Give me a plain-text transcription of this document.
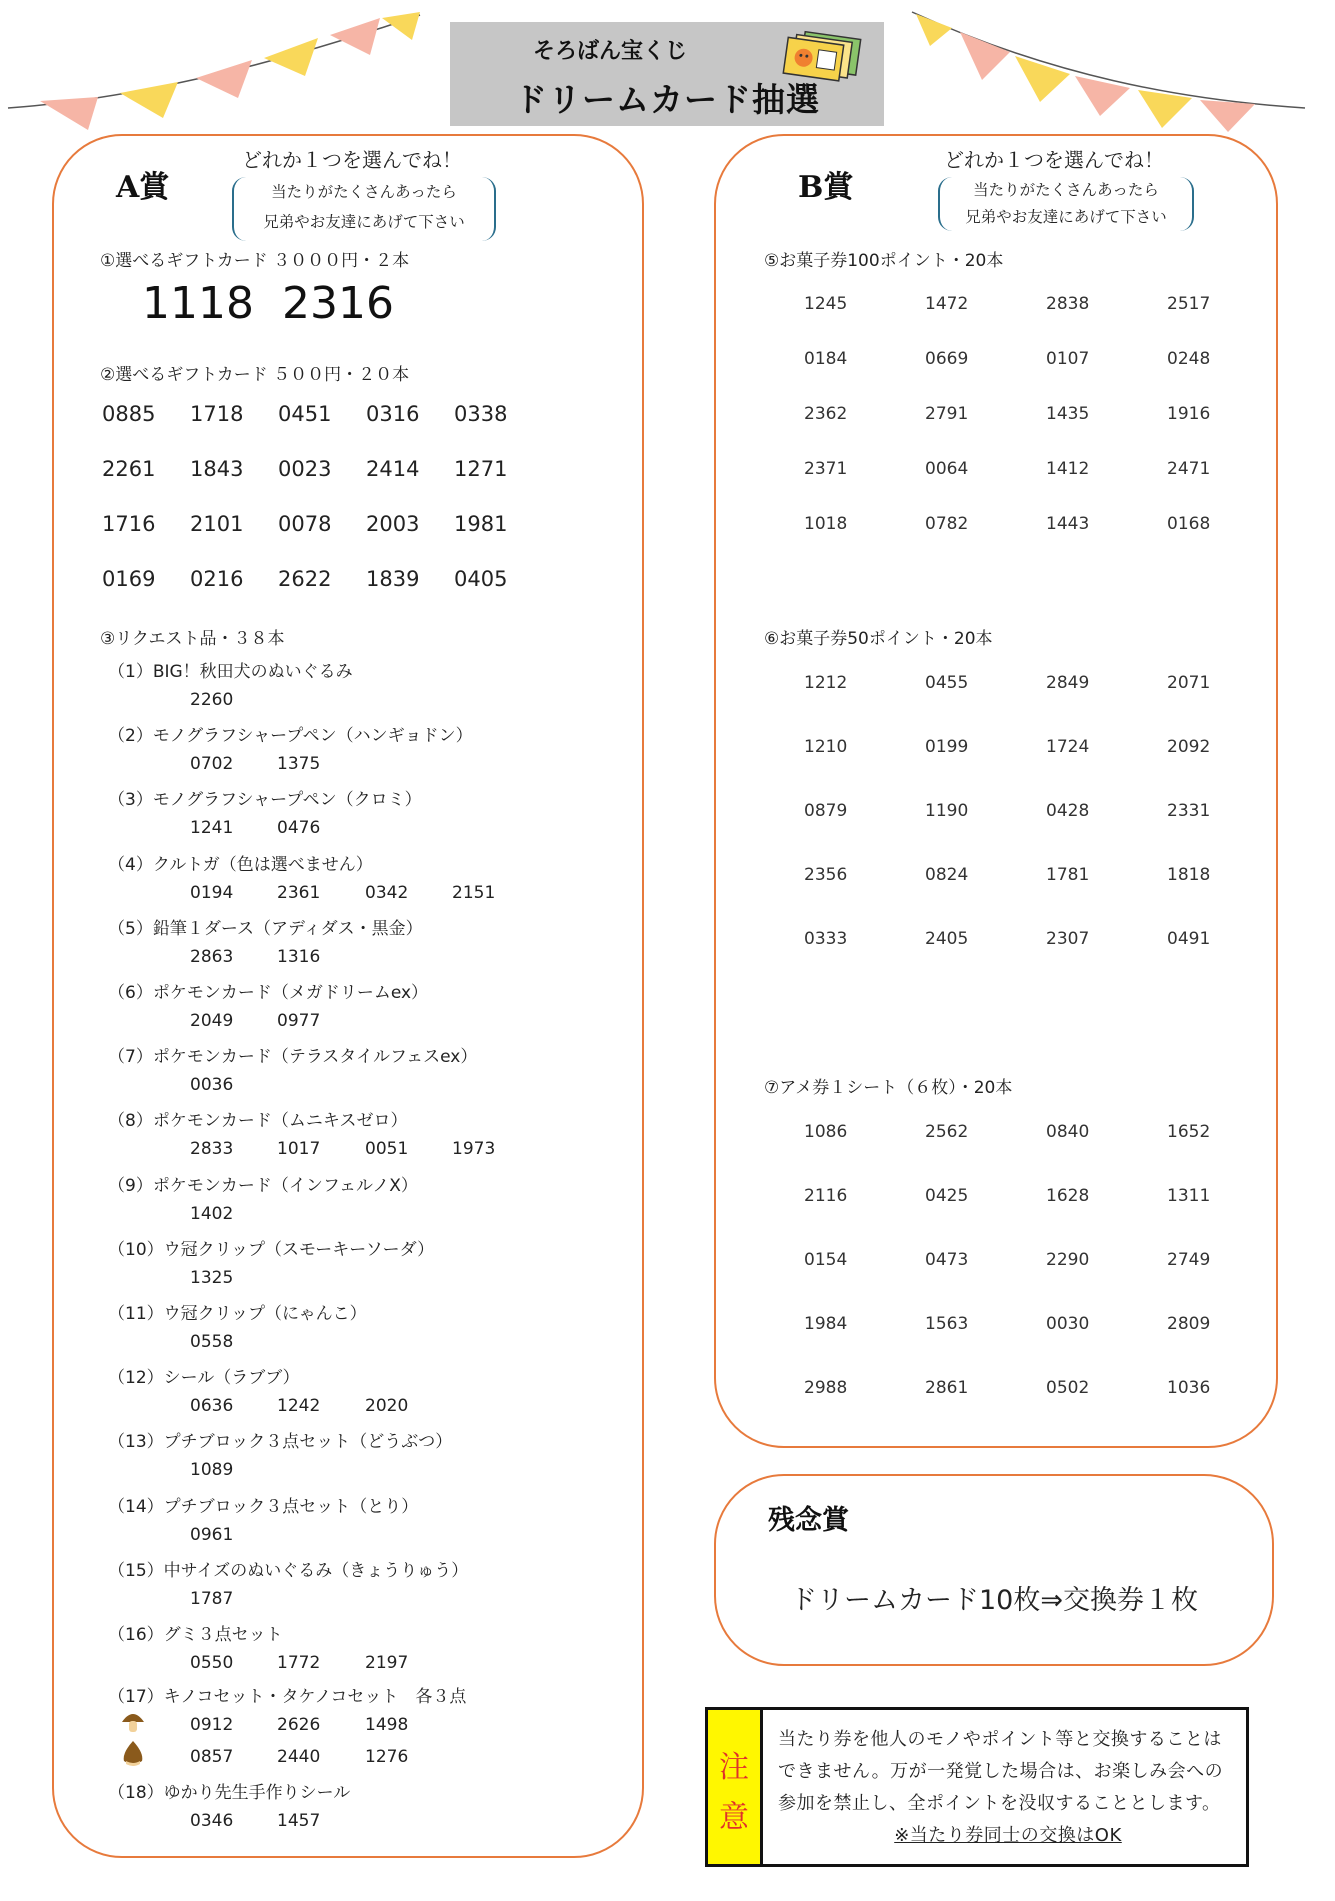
そろばん宝くじ
ドリームカード抽選
A賞
どれか１つを選んでね！
当たりがたくさんあったら
兄弟やお友達にあげて下さい
①選べるギフトカード ３０００円・２本
1118 2316
②選べるギフトカード ５００円・２０本
0885 1718 0451 0316 0338
2261 1843 0023 2414 1271
1716 2101 0078 2003 1981
0169 0216 2622 1839 0405
③リクエスト品・３８本
（1）BIG！秋田犬のぬいぐるみ
2260
（2）モノグラフシャープペン（ハンギョドン）
0702	1375
（3）モノグラフシャープペン（クロミ）
1241	0476
（4）クルトガ（色は選べません）
0194	2361	0342	2151
（5）鉛筆１ダース（アディダス・黒金）
2863	1316
（6）ポケモンカード（メガドリームex）
2049	0977
（7）ポケモンカード（テラスタイルフェスex）
0036
（8）ポケモンカード（ムニキスゼロ）
2833	1017	0051	1973
（9）ポケモンカード（インフェルノX）
1402
（10）ウ冠クリップ（スモーキーソーダ）
1325
（11）ウ冠クリップ（にゃんこ）
0558
（12）シール（ラブブ）
0636	1242	2020
（13）プチブロック３点セット（どうぶつ）
1089
（14）プチブロック３点セット（とり）
0961
（15）中サイズのぬいぐるみ（きょうりゅう）
1787
（16）グミ３点セット
0550	1772	2197
（17）キノコセット・タケノコセット　各３点
0912	2626	1498
0857	2440	1276
（18）ゆかり先生手作りシール
0346	1457
B賞
どれか１つを選んでね！
当たりがたくさんあったら
兄弟やお友達にあげて下さい
⑤お菓子券100ポイント・20本
1245	1472	2838	2517
0184	0669	0107	0248
2362	2791	1435	1916
2371	0064	1412	2471
1018	0782	1443	0168
⑥お菓子券50ポイント・20本
1212	0455	2849	2071
1210	0199	1724	2092
0879	1190	0428	2331
2356	0824	1781	1818
0333	2405	2307	0491
⑦アメ券１シート（６枚）・20本
1086	2562	0840	1652
2116	0425	1628	1311
0154	0473	2290	2749
1984	1563	0030	2809
2988	2861	0502	1036
残念賞
ドリームカード10枚⇒交換券１枚
注
意
当たり券を他人のモノやポイント等と交換することはできません。万が一発覚した場合は、お楽しみ会への参加を禁止し、全ポイントを没収することとします。
※当たり券同士の交換はOK
